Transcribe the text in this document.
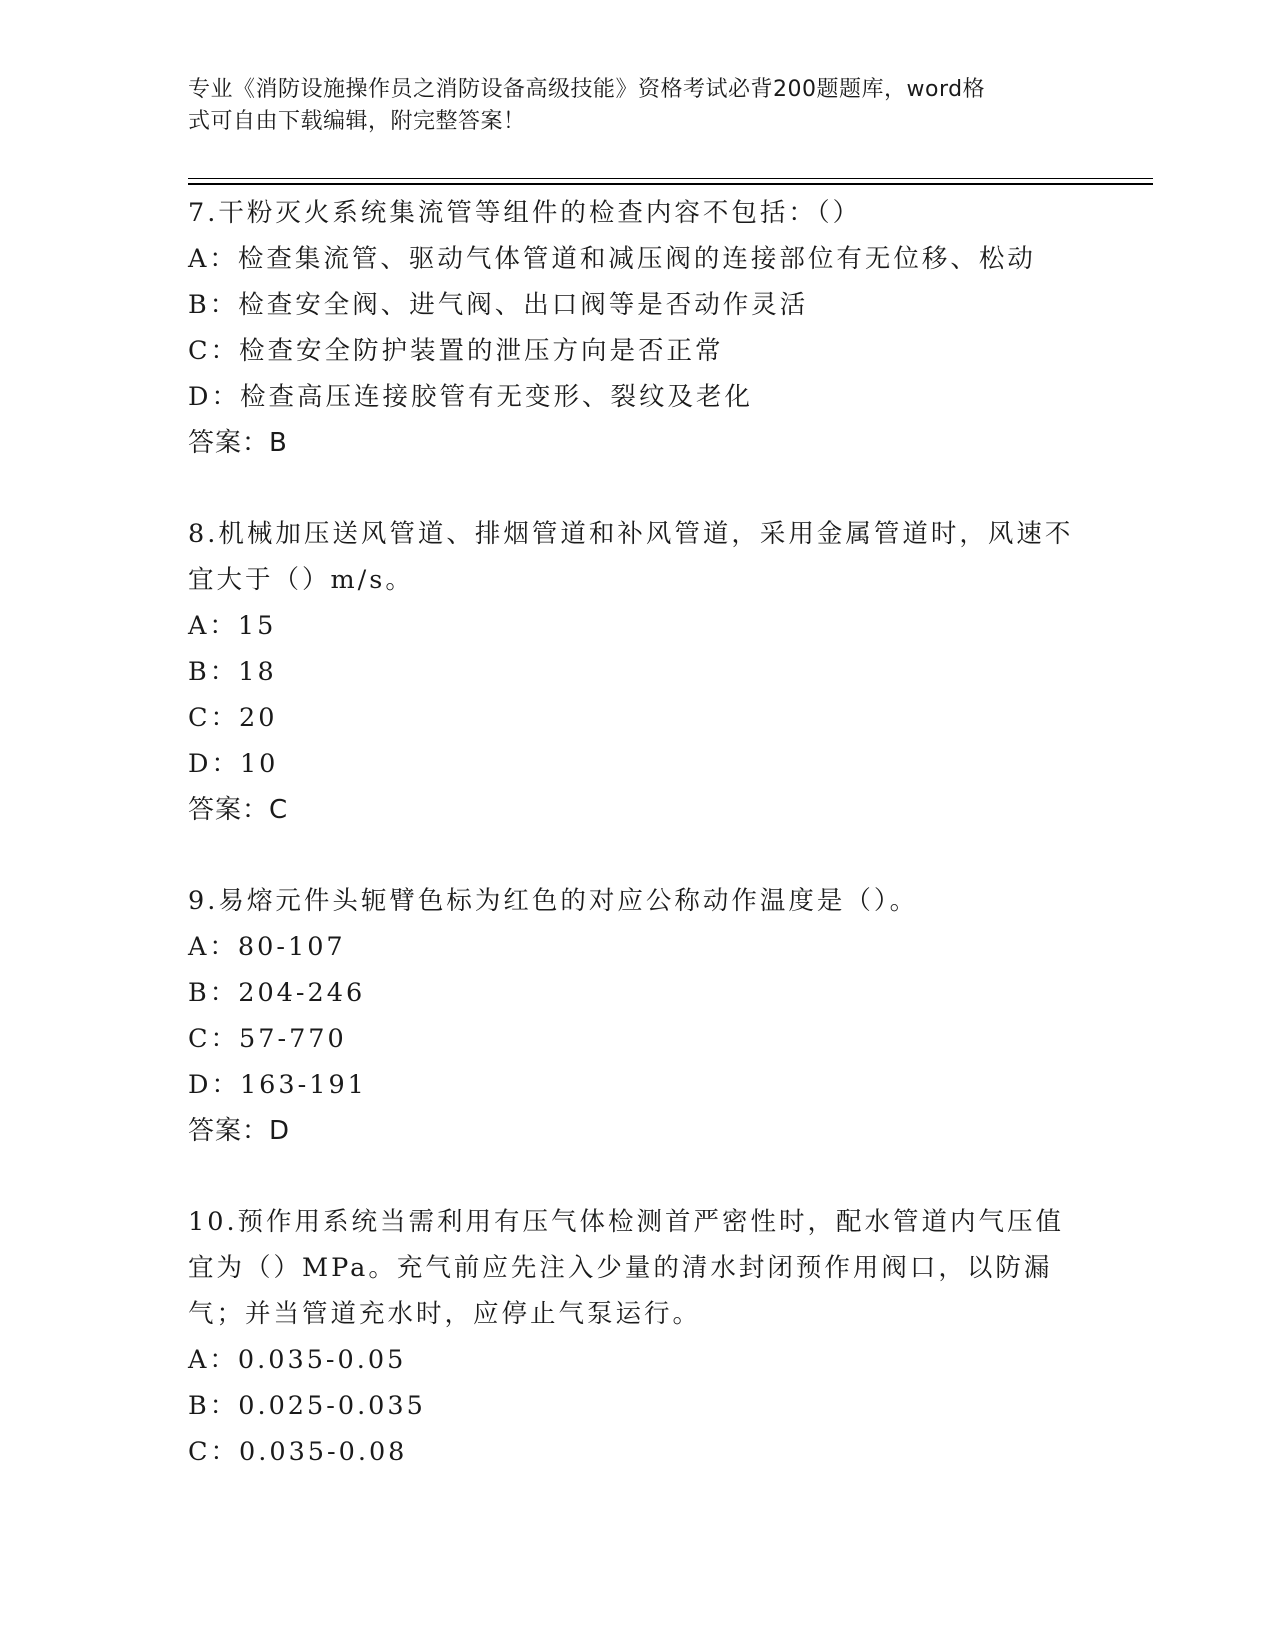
专业《消防设施操作员之消防设备高级技能》资格考试必背200题题库，word格
式可自由下载编辑，附完整答案！

7.干粉灭火系统集流管等组件的检查内容不包括：（）

A：检查集流管、驱动气体管道和减压阀的连接部位有无位移、松动

B：检查安全阀、进气阀、出口阀等是否动作灵活

C：检查安全防护装置的泄压方向是否正常

D：检查高压连接胶管有无变形、裂纹及老化

答案：B

8.机械加压送风管道、排烟管道和补风管道，采用金属管道时，风速不宜大于（）m/s。

A：15

B：18

C：20

D：10

答案：C

9.易熔元件头轭臂色标为红色的对应公称动作温度是（）。

A：80-107

B：204-246

C：57-770

D：163-191

答案：D

10.预作用系统当需利用有压气体检测首严密性时，配水管道内气压值宜为（）MPa。充气前应先注入少量的清水封闭预作用阀口，以防漏气；并当管道充水时，应停止气泵运行。

A：0.035-0.05

B：0.025-0.035

C：0.035-0.08
